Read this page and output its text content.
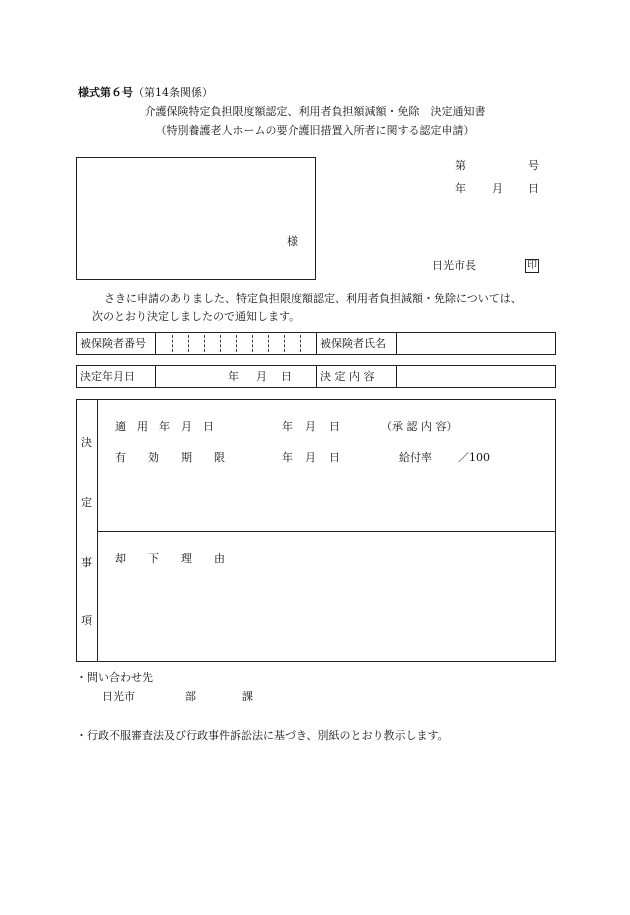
様式第６号（第14条関係）
介護保険特定負担限度額認定、利用者負担額減額・免除　決定通知書
（特別養護老人ホームの要介護旧措置入所者に関する認定申請）
様
第	号
年 月 日
日光市長	印
さきに申請のありました、特定負担限度額認定、利用者負担減額・免除については、
次のとおり決定しましたので通知します。
被保険者番号	被保険者氏名
決定年月日	年 月 日	決 定 内 容
決
定
事
項
適　用　年　月　日	年 月 日	（承 認 内 容）
有　　効　　期　　限	年 月 日	給付率 ／100
却　　下　　理　　由
・問い合わせ先
日光市	部	課
・行政不服審査法及び行政事件訴訟法に基づき、別紙のとおり教示します。
